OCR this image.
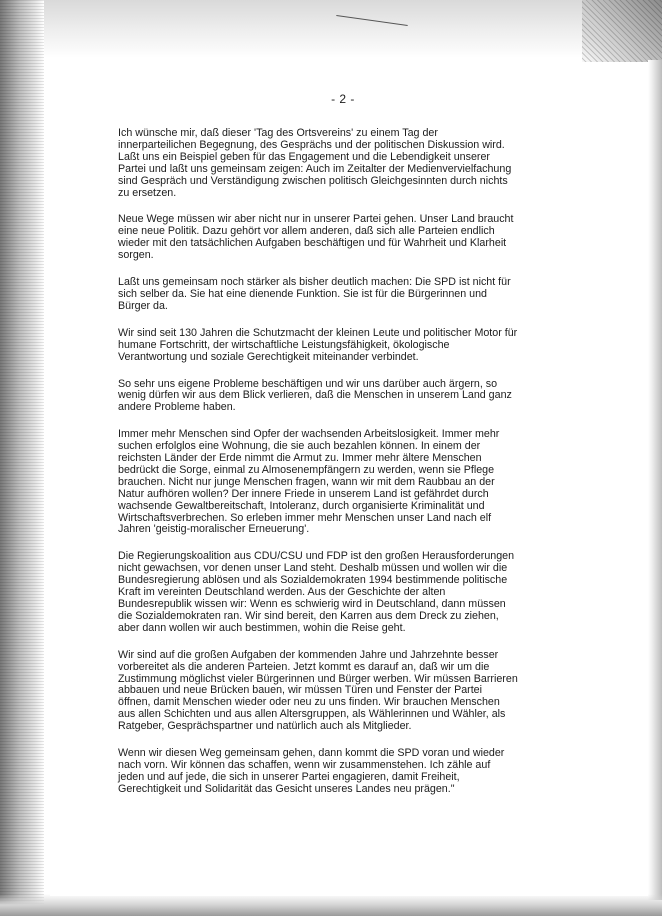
- 2 -

Ich wünsche mir, daß dieser 'Tag des Ortsvereins' zu einem Tag der
innerparteilichen Begegnung, des Gesprächs und der politischen Diskussion wird.
Laßt uns ein Beispiel geben für das Engagement und die Lebendigkeit unserer
Partei und laßt uns gemeinsam zeigen: Auch im Zeitalter der Medienvervielfachung
sind Gespräch und Verständigung zwischen politisch Gleichgesinnten durch nichts
zu ersetzen.

Neue Wege müssen wir aber nicht nur in unserer Partei gehen. Unser Land braucht
eine neue Politik. Dazu gehört vor allem anderen, daß sich alle Parteien endlich
wieder mit den tatsächlichen Aufgaben beschäftigen und für Wahrheit und Klarheit
sorgen.

Laßt uns gemeinsam noch stärker als bisher deutlich machen: Die SPD ist nicht für
sich selber da. Sie hat eine dienende Funktion. Sie ist für die Bürgerinnen und
Bürger da.

Wir sind seit 130 Jahren die Schutzmacht der kleinen Leute und politischer Motor für
humane Fortschritt, der wirtschaftliche Leistungsfähigkeit, ökologische
Verantwortung und soziale Gerechtigkeit miteinander verbindet.

So sehr uns eigene Probleme beschäftigen und wir uns darüber auch ärgern, so
wenig dürfen wir aus dem Blick verlieren, daß die Menschen in unserem Land ganz
andere Probleme haben.

Immer mehr Menschen sind Opfer der wachsenden Arbeitslosigkeit. Immer mehr
suchen erfolglos eine Wohnung, die sie auch bezahlen können. In einem der
reichsten Länder der Erde nimmt die Armut zu. Immer mehr ältere Menschen
bedrückt die Sorge, einmal zu Almosenempfängern zu werden, wenn sie Pflege
brauchen. Nicht nur junge Menschen fragen, wann wir mit dem Raubbau an der
Natur aufhören wollen? Der innere Friede in unserem Land ist gefährdet durch
wachsende Gewaltbereitschaft, Intoleranz, durch organisierte Kriminalität und
Wirtschaftsverbrechen. So erleben immer mehr Menschen unser Land nach elf
Jahren 'geistig-moralischer Erneuerung'.

Die Regierungskoalition aus CDU/CSU und FDP ist den großen Herausforderungen
nicht gewachsen, vor denen unser Land steht. Deshalb müssen und wollen wir die
Bundesregierung ablösen und als Sozialdemokraten 1994 bestimmende politische
Kraft im vereinten Deutschland werden. Aus der Geschichte der alten
Bundesrepublik wissen wir: Wenn es schwierig wird in Deutschland, dann müssen
die Sozialdemokraten ran. Wir sind bereit, den Karren aus dem Dreck zu ziehen,
aber dann wollen wir auch bestimmen, wohin die Reise geht.

Wir sind auf die großen Aufgaben der kommenden Jahre und Jahrzehnte besser
vorbereitet als die anderen Parteien. Jetzt kommt es darauf an, daß wir um die
Zustimmung möglichst vieler Bürgerinnen und Bürger werben. Wir müssen Barrieren
abbauen und neue Brücken bauen, wir müssen Türen und Fenster der Partei
öffnen, damit Menschen wieder oder neu zu uns finden. Wir brauchen Menschen
aus allen Schichten und aus allen Altersgruppen, als Wählerinnen und Wähler, als
Ratgeber, Gesprächspartner und natürlich auch als Mitglieder.

Wenn wir diesen Weg gemeinsam gehen, dann kommt die SPD voran und wieder
nach vorn. Wir können das schaffen, wenn wir zusammenstehen. Ich zähle auf
jeden und auf jede, die sich in unserer Partei engagieren, damit Freiheit,
Gerechtigkeit und Solidarität das Gesicht unseres Landes neu prägen."
